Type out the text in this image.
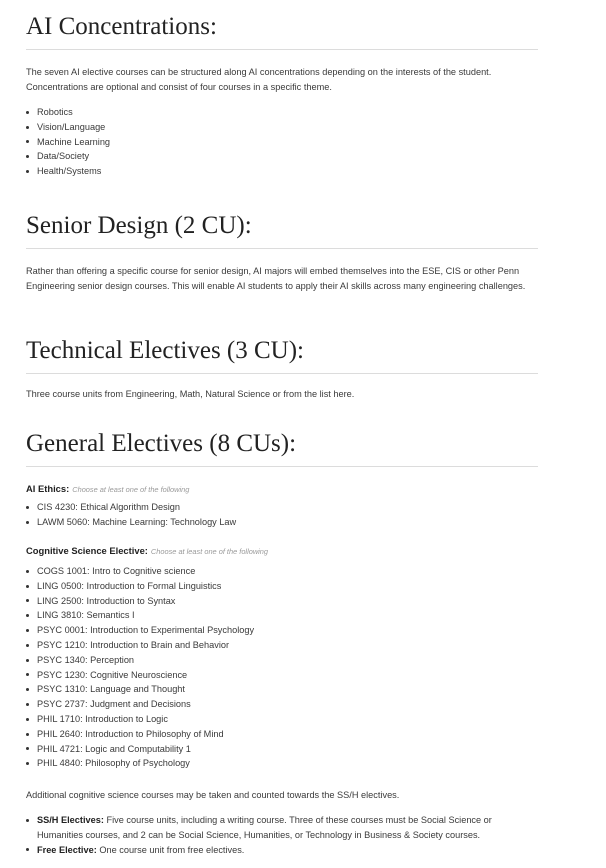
AI Concentrations:

The seven AI elective courses can be structured along AI concentrations depending on the interests of the student. Concentrations are optional and consist of four courses in a specific theme.

Robotics
Vision/Language
Machine Learning
Data/Society
Health/Systems
Senior Design (2 CU):

Rather than offering a specific course for senior design, AI majors will embed themselves into the ESE, CIS or other Penn Engineering senior design courses. This will enable AI students to apply their AI skills across many engineering challenges.

Technical Electives (3 CU):

Three course units from Engineering, Math, Natural Science or from the list here.

General Electives (8 CUs):
AI Ethics: Choose at least one of the following
CIS 4230: Ethical Algorithm Design
LAWM 5060: Machine Learning: Technology Law
Cognitive Science Elective: Choose at least one of the following
COGS 1001: Intro to Cognitive science
LING 0500: Introduction to Formal Linguistics
LING 2500: Introduction to Syntax
LING 3810: Semantics I
PSYC 0001: Introduction to Experimental Psychology
PSYC 1210: Introduction to Brain and Behavior
PSYC 1340: Perception
PSYC 1230: Cognitive Neuroscience
PSYC 1310: Language and Thought
PSYC 2737: Judgment and Decisions
PHIL 1710: Introduction to Logic
PHIL 2640: Introduction to Philosophy of Mind
PHIL 4721: Logic and Computability 1
PHIL 4840: Philosophy of Psychology

Additional cognitive science courses may be taken and counted towards the SS/H electives.

SS/H Electives: Five course units, including a writing course. Three of these courses must be Social Science or Humanities courses, and 2 can be Social Science, Humanities, or Technology in Business & Society courses.
Free Elective: One course unit from free electives.
